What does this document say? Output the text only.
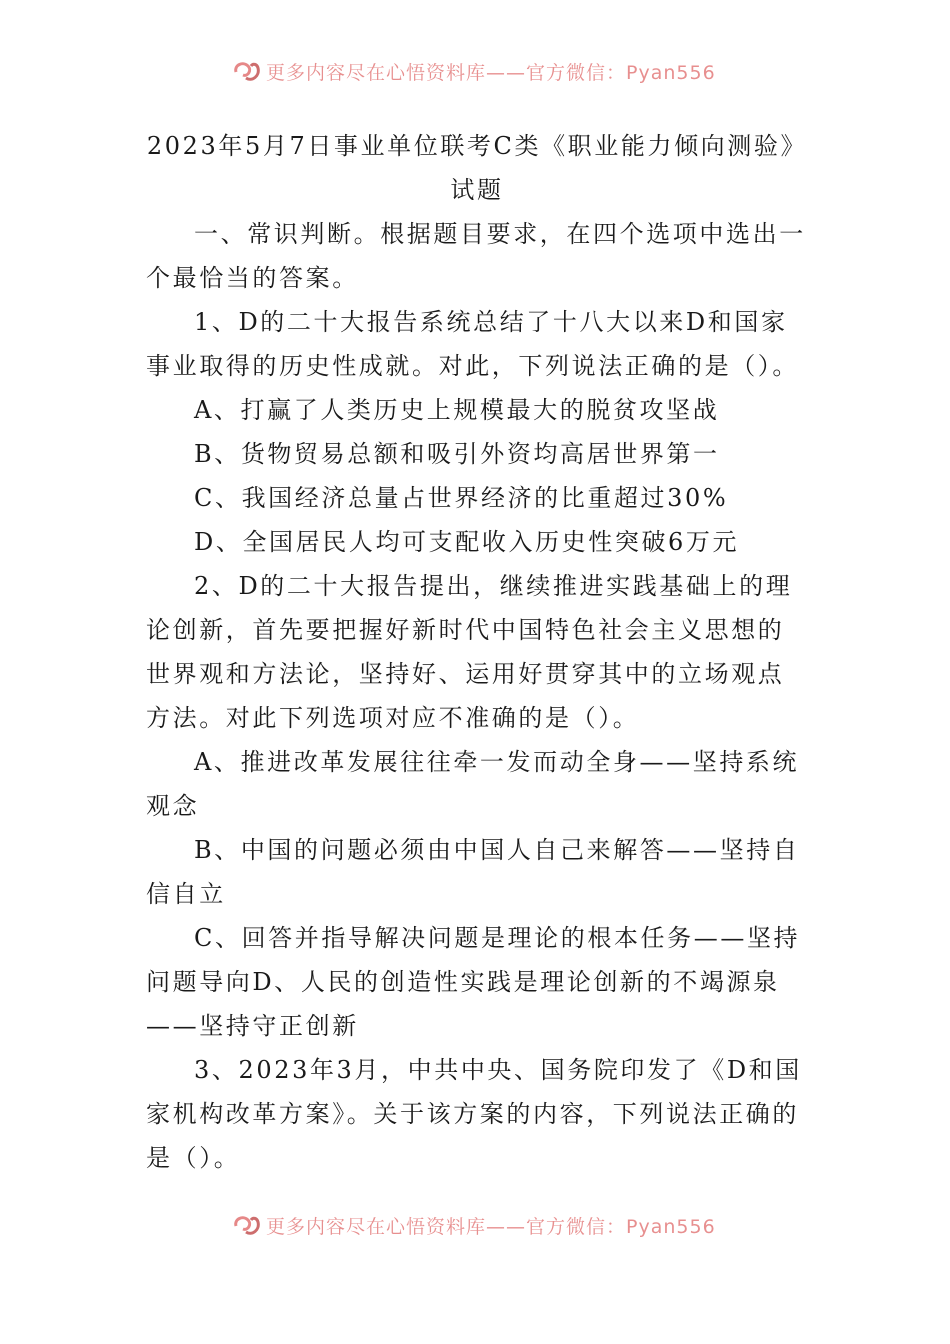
更多内容尽在心悟资料库——官方微信：Pyan556
2023年5月7日事业单位联考C类《职业能力倾向测验》试题

一、常识判断。根据题目要求，在四个选项中选出一个最恰当的答案。

1、D的二十大报告系统总结了十八大以来D和国家事业取得的历史性成就。对此，下列说法正确的是（）。

A、打赢了人类历史上规模最大的脱贫攻坚战

B、货物贸易总额和吸引外资均高居世界第一

C、我国经济总量占世界经济的比重超过30%

D、全国居民人均可支配收入历史性突破6万元

2、D的二十大报告提出，继续推进实践基础上的理论创新，首先要把握好新时代中国特色社会主义思想的世界观和方法论，坚持好、运用好贯穿其中的立场观点方法。对此下列选项对应不准确的是（）。

A、推进改革发展往往牵一发而动全身——坚持系统观念

B、中国的问题必须由中国人自己来解答——坚持自信自立

C、回答并指导解决问题是理论的根本任务——坚持问题导向D、人民的创造性实践是理论创新的不竭源泉——坚持守正创新

3、2023年3月，中共中央、国务院印发了《D和国家机构改革方案》。关于该方案的内容，下列说法正确的是（）。

更多内容尽在心悟资料库——官方微信：Pyan556
